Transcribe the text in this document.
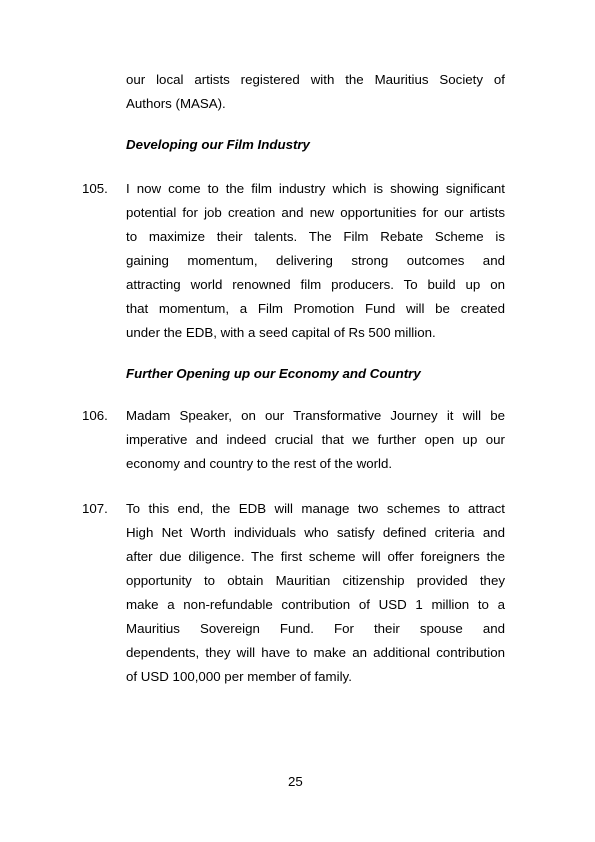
our local artists registered with the Mauritius Society of
Authors (MASA).
Developing our Film Industry
105. I now come to the film industry which is showing significant
potential for job creation and new opportunities for our artists
to maximize their talents. The Film Rebate Scheme is
gaining momentum, delivering strong outcomes and
attracting world renowned film producers. To build up on
that momentum, a Film Promotion Fund will be created
under the EDB, with a seed capital of Rs 500 million.
Further Opening up our Economy and Country
106. Madam Speaker, on our Transformative Journey it will be
imperative and indeed crucial that we further open up our
economy and country to the rest of the world.
107. To this end, the EDB will manage two schemes to attract
High Net Worth individuals who satisfy defined criteria and
after due diligence. The first scheme will offer foreigners the
opportunity to obtain Mauritian citizenship provided they
make a non-refundable contribution of USD 1 million to a
Mauritius Sovereign Fund. For their spouse and
dependents, they will have to make an additional contribution
of USD 100,000 per member of family.
25
